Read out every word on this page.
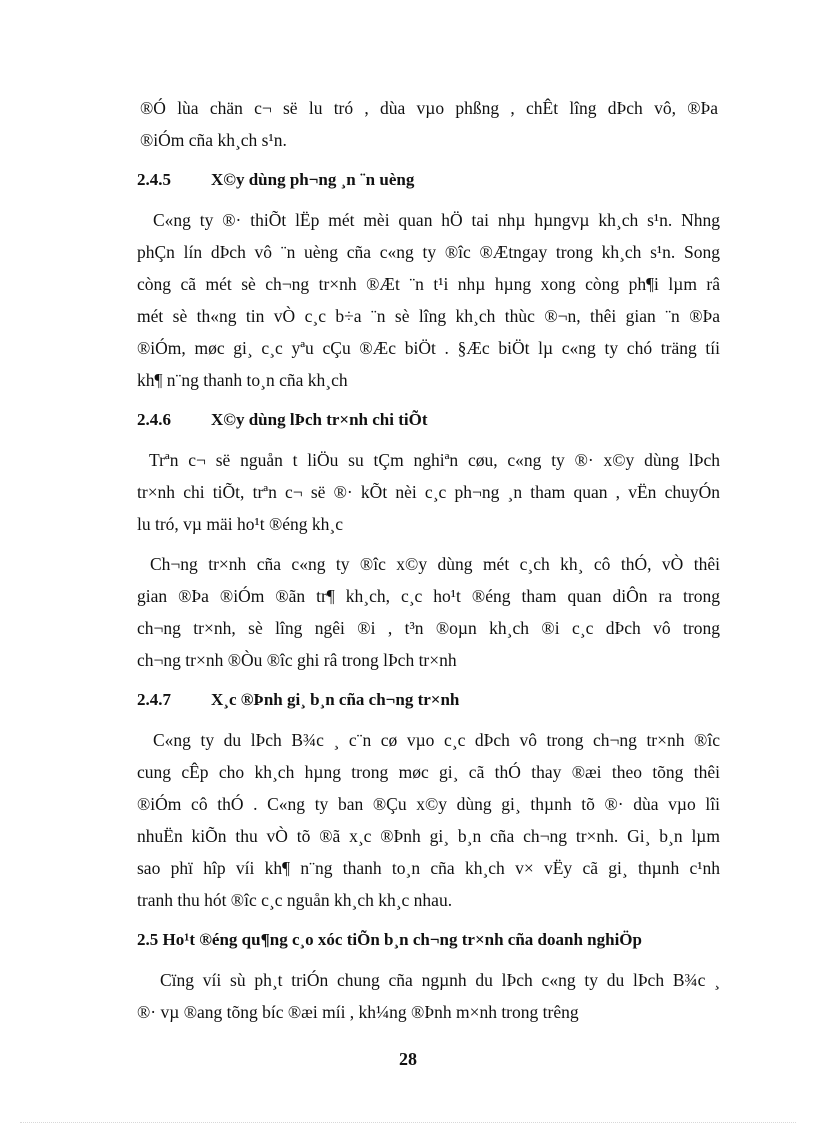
®Ó lùa chän c¬ së lu tró , dùa vµo phßng , chÊt lîng dÞch vô, ®Þa
®iÓm cña kh¸ch s¹n.
2.4.5 X©y dùng ph¬ng ¸n ¨n uèng
C«ng ty ®· thiÕt lËp mét mèi quan hÖ tai nhµ hµngvµ kh¸ch s¹n. Nhng
phÇn lín dÞch vô ¨n uèng cña c«ng ty ®îc ®Ætngay trong kh¸ch s¹n. Song
còng cã mét sè ch¬ng tr×nh ®Æt ¨n t¹i nhµ hµng xong còng ph¶i lµm râ
mét sè th«ng tin vÒ c¸c b÷a ¨n sè lîng kh¸ch thùc ®¬n, thêi gian ¨n ®Þa
®iÓm, møc gi¸ c¸c yªu cÇu ®Æc biÖt . §Æc biÖt lµ c«ng ty chó träng tíi
kh¶ n¨ng thanh to¸n cña kh¸ch
2.4.6 X©y dùng lÞch tr×nh chi tiÕt
Trªn c¬ së nguån t liÖu su tÇm nghiªn cøu, c«ng ty ®· x©y dùng lÞch
tr×nh chi tiÕt, trªn c¬ së ®· kÕt nèi c¸c ph¬ng ¸n tham quan , vËn chuyÓn
lu tró, vµ mäi ho¹t ®éng kh¸c
Ch¬ng tr×nh cña c«ng ty ®îc x©y dùng mét c¸ch kh¸ cô thÓ, vÒ thêi
gian ®Þa ®iÓm ®ãn tr¶ kh¸ch, c¸c ho¹t ®éng tham quan diÔn ra trong
ch¬ng tr×nh, sè lîng ngêi ®i , t³n ®oµn kh¸ch ®i c¸c dÞch vô trong
ch¬ng tr×nh ®Òu ®îc ghi râ trong lÞch tr×nh
2.4.7 X¸c ®Þnh gi¸ b¸n cña ch¬ng tr×nh
C«ng ty du lÞch B¾c ¸ c¨n cø vµo c¸c dÞch vô trong ch¬ng tr×nh ®îc
cung cÊp cho kh¸ch hµng trong møc gi¸ cã thÓ thay ®æi theo tõng thêi
®iÓm cô thÓ . C«ng ty ban ®Çu x©y dùng gi¸ thµnh tõ ®· dùa vµo lîi
nhuËn kiÕn thu vÒ tõ ®ã x¸c ®Þnh gi¸ b¸n cña ch¬ng tr×nh. Gi¸ b¸n lµm
sao phï hîp víi kh¶ n¨ng thanh to¸n cña kh¸ch v× vËy cã gi¸ thµnh c¹nh
tranh thu hót ®îc c¸c nguån kh¸ch kh¸c nhau.
2.5 Ho¹t ®éng qu¶ng c¸o xóc tiÕn b¸n ch¬ng tr×nh cña doanh nghiÖp
Cïng víi sù ph¸t triÓn chung cña ngµnh du lÞch c«ng ty du lÞch B¾c ¸
®· vµ ®ang tõng bíc ®æi míi , kh¼ng ®Þnh m×nh trong trêng
28
